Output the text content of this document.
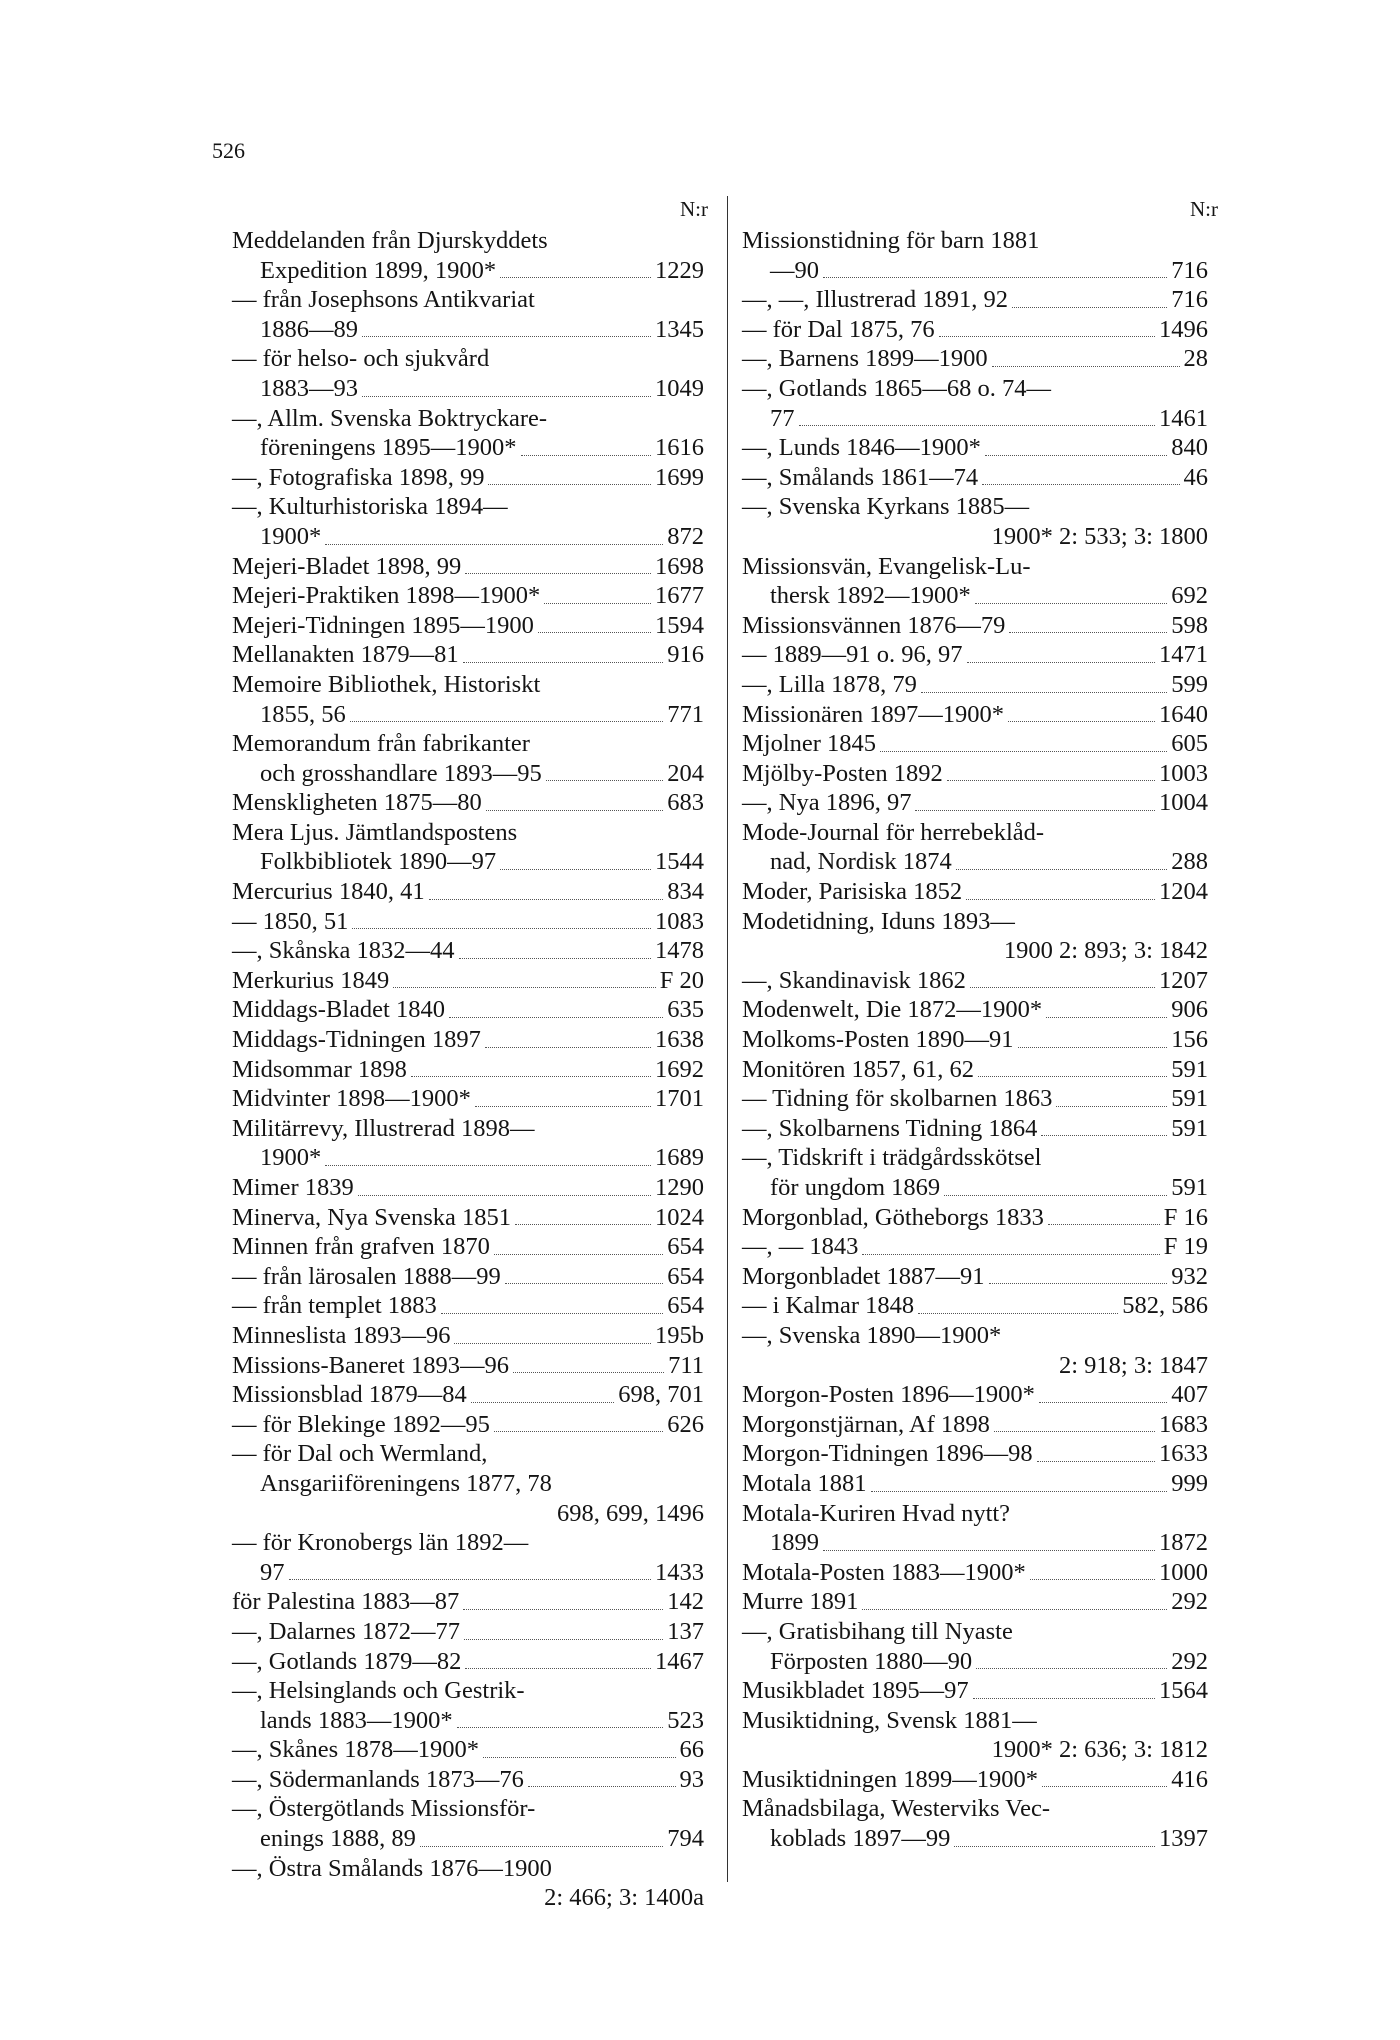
526
N:r	N:r
Meddelanden från Djurskyddets
Expedition 1899, 1900*	1229
— från Josephsons Antikvariat
1886—89	1345
— för helso- och sjukvård
1883—93	1049
—, Allm. Svenska Boktryckare-
föreningens 1895—1900*	1616
—, Fotografiska 1898, 99	1699
—, Kulturhistoriska 1894—
1900*	872
Mejeri-Bladet 1898, 99	1698
Mejeri-Praktiken 1898—1900*	1677
Mejeri-Tidningen 1895—1900	1594
Mellanakten 1879—81	916
Memoire Bibliothek, Historiskt
1855, 56	771
Memorandum från fabrikanter
och grosshandlare 1893—95	204
Menskligheten 1875—80	683
Mera Ljus. Jämtlandspostens
Folkbibliotek 1890—97	1544
Mercurius 1840, 41	834
— 1850, 51	1083
—, Skånska 1832—44	1478
Merkurius 1849	F 20
Middags-Bladet 1840	635
Middags-Tidningen 1897	1638
Midsommar 1898	1692
Midvinter 1898—1900*	1701
Militärrevy, Illustrerad 1898—
1900*	1689
Mimer 1839	1290
Minerva, Nya Svenska 1851	1024
Minnen från grafven 1870	654
— från lärosalen 1888—99	654
— från templet 1883	654
Minneslista 1893—96	195b
Missions-Baneret 1893—96	711
Missionsblad 1879—84	698, 701
— för Blekinge 1892—95	626
— för Dal och Wermland,
Ansgariiföreningens 1877, 78
698, 699, 1496
— för Kronobergs län 1892—
97	1433
för Palestina 1883—87	142
—, Dalarnes 1872—77	137
—, Gotlands 1879—82	1467
—, Helsinglands och Gestrik-
lands 1883—1900*	523
—, Skånes 1878—1900*	66
—, Södermanlands 1873—76	93
—, Östergötlands Missionsför-
enings 1888, 89	794
—, Östra Smålands 1876—1900
2: 466; 3: 1400a
Missionstidning för barn 1881
—90	716
—, —, Illustrerad 1891, 92	716
— för Dal 1875, 76	1496
—, Barnens 1899—1900	28
—, Gotlands 1865—68 o. 74—
77	1461
—, Lunds 1846—1900*	840
—, Smålands 1861—74	46
—, Svenska Kyrkans 1885—
1900* 2: 533; 3: 1800
Missionsvän, Evangelisk-Lu-
thersk 1892—1900*	692
Missionsvännen 1876—79	598
— 1889—91 o. 96, 97	1471
—, Lilla 1878, 79	599
Missionären 1897—1900*	1640
Mjolner 1845	605
Mjölby-Posten 1892	1003
—, Nya 1896, 97	1004
Mode-Journal för herrebeklåd-
nad, Nordisk 1874	288
Moder, Parisiska 1852	1204
Modetidning, Iduns 1893—
1900 2: 893; 3: 1842
—, Skandinavisk 1862	1207
Modenwelt, Die 1872—1900*	906
Molkoms-Posten 1890—91	156
Monitören 1857, 61, 62	591
— Tidning för skolbarnen 1863	591
—, Skolbarnens Tidning 1864	591
—, Tidskrift i trädgårdsskötsel
för ungdom 1869	591
Morgonblad, Götheborgs 1833	F 16
—, — 1843	F 19
Morgonbladet 1887—91	932
— i Kalmar 1848	582, 586
—, Svenska 1890—1900*
2: 918; 3: 1847
Morgon-Posten 1896—1900*	407
Morgonstjärnan, Af 1898	1683
Morgon-Tidningen 1896—98	1633
Motala 1881	999
Motala-Kuriren Hvad nytt?
1899	1872
Motala-Posten 1883—1900*	1000
Murre 1891	292
—, Gratisbihang till Nyaste
Förposten 1880—90	292
Musikbladet 1895—97	1564
Musiktidning, Svensk 1881—
1900* 2: 636; 3: 1812
Musiktidningen 1899—1900*	416
Månadsbilaga, Westerviks Vec-
koblads 1897—99	1397
